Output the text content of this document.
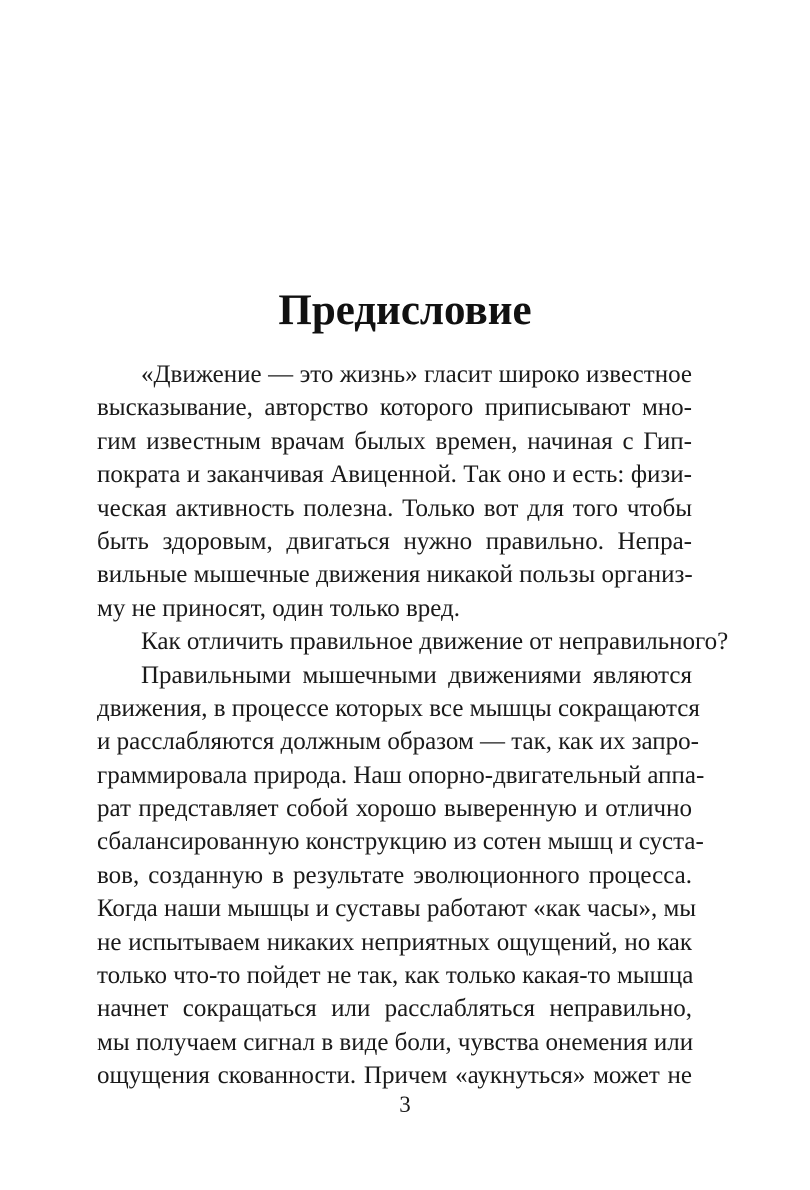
Предисловие
«Движение — это жизнь» гласит широко известное
высказывание, авторство которого приписывают мно-
гим известным врачам былых времен, начиная с Гип-
пократа и заканчивая Авиценной. Так оно и есть: физи-
ческая активность полезна. Только вот для того чтобы
быть здоровым, двигаться нужно правильно. Непра-
вильные мышечные движения никакой пользы организ-
му не приносят, один только вред.
Как отличить правильное движение от неправильного?
Правильными мышечными движениями являются
движения, в процессе которых все мышцы сокращаются
и расслабляются должным образом — так, как их запро-
граммировала природа. Наш опорно-двигательный аппа-
рат представляет собой хорошо выверенную и отлично
сбалансированную конструкцию из сотен мышц и суста-
вов, созданную в результате эволюционного процесса.
Когда наши мышцы и суставы работают «как часы», мы
не испытываем никаких неприятных ощущений, но как
только что-то пойдет не так, как только какая-то мышца
начнет сокращаться или расслабляться неправильно,
мы получаем сигнал в виде боли, чувства онемения или
ощущения скованности. Причем «аукнуться» может не
3
